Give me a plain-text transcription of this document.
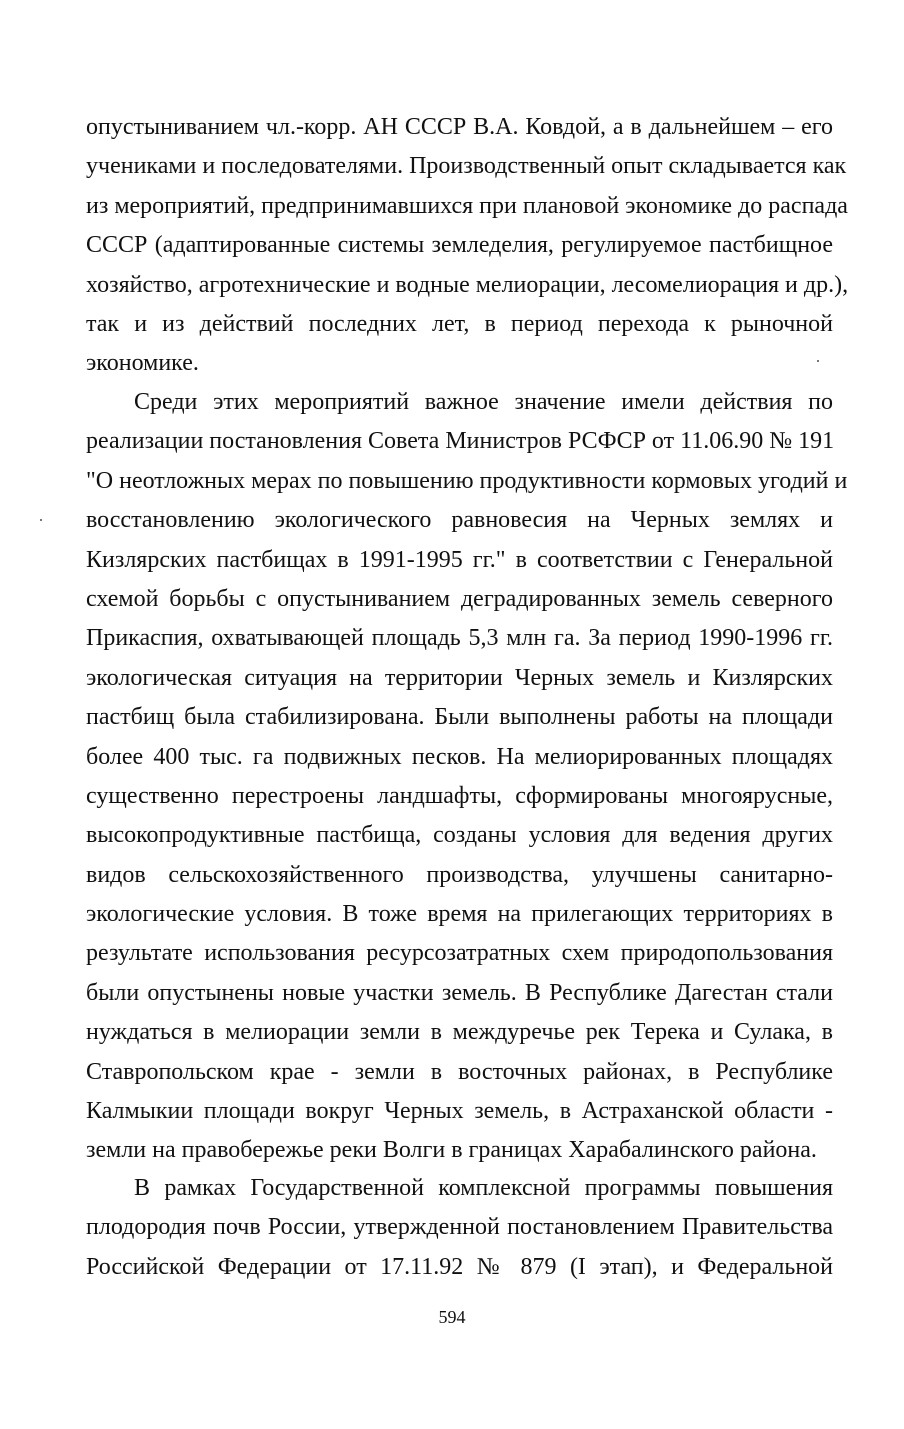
опустыниванием чл.-корр. АН СССР В.А. Ковдой, а в дальнейшем – его
учениками и последователями. Производственный опыт складывается как
из мероприятий, предпринимавшихся при плановой экономике до распада
СССР (адаптированные системы земледелия, регулируемое пастбищное
хозяйство, агротехнические и водные мелиорации, лесомелиорация и др.),
так и из действий последних лет, в период перехода к рыночной
экономике.
Среди этих мероприятий важное значение имели действия по
реализации постановления Совета Министров РСФСР от 11.06.90 № 191
"О неотложных мерах по повышению продуктивности кормовых угодий и
восстановлению экологического равновесия на Черных землях и
Кизлярских пастбищах в 1991-1995 гг." в соответствии с Генеральной
схемой борьбы с опустыниванием деградированных земель северного
Прикаспия, охватывающей площадь 5,3 млн га. За период 1990-1996 гг.
экологическая ситуация на территории Черных земель и Кизлярских
пастбищ была стабилизирована. Были выполнены работы на площади
более 400 тыс. га подвижных песков. На мелиорированных площадях
существенно перестроены ландшафты, сформированы многоярусные,
высокопродуктивные пастбища, созданы условия для ведения других
видов сельскохозяйственного производства, улучшены санитарно-
экологические условия. В тоже время на прилегающих территориях в
результате использования ресурсозатратных схем природопользования
были опустынены новые участки земель. В Республике Дагестан стали
нуждаться в мелиорации земли в междуречье рек Терека и Сулака, в
Ставропольском крае - земли в восточных районах, в Республике
Калмыкии площади вокруг Черных земель, в Астраханской области -
земли на правобережье реки Волги в границах Харабалинского района.
В рамках Государственной комплексной программы повышения
плодородия почв России, утвержденной постановлением Правительства
Российской Федерации от 17.11.92 № 879 (I этап), и Федеральной
594
